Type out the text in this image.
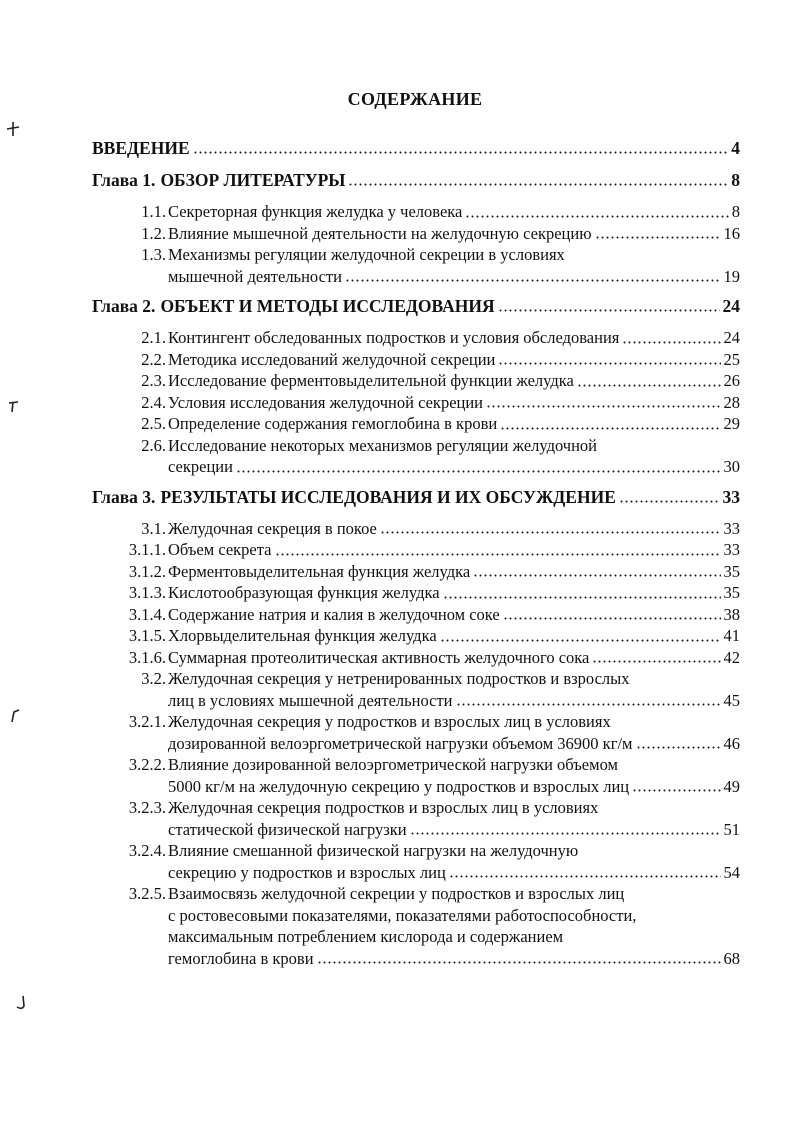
СОДЕРЖАНИЕ
ВВЕДЕНИЕ	4
Глава 1. ОБЗОР ЛИТЕРАТУРЫ	8
1.1. Секреторная функция желудка у человека	8
1.2. Влияние мышечной деятельности на желудочную секрецию	16
1.3. Механизмы регуляции желудочной секреции в условиях
мышечной деятельности	19
Глава 2. ОБЪЕКТ И МЕТОДЫ ИССЛЕДОВАНИЯ	24
2.1. Контингент обследованных подростков и условия обследования	24
2.2. Методика исследований желудочной секреции	25
2.3. Исследование ферментовыделительной функции желудка	26
2.4. Условия исследования желудочной секреции	28
2.5. Определение содержания гемоглобина в крови	29
2.6. Исследование некоторых механизмов регуляции желудочной
секреции	30
Глава 3. РЕЗУЛЬТАТЫ ИССЛЕДОВАНИЯ И ИХ ОБСУЖДЕНИЕ	33
3.1. Желудочная секреция в покое	33
3.1.1. Объем секрета	33
3.1.2. Ферментовыделительная функция желудка	35
3.1.3. Кислотообразующая функция желудка	35
3.1.4. Содержание натрия и калия в желудочном соке	38
3.1.5. Хлорвыделительная функция желудка	41
3.1.6. Суммарная протеолитическая активность желудочного сока	42
3.2. Желудочная секреция у нетренированных подростков и взрослых
лиц в условиях мышечной деятельности	45
3.2.1. Желудочная секреция у подростков и взрослых лиц в условиях
дозированной велоэргометрической нагрузки объемом 36900 кг/м	46
3.2.2. Влияние дозированной велоэргометрической нагрузки объемом
5000 кг/м на желудочную секрецию у подростков и взрослых лиц	49
3.2.3. Желудочная секреция подростков и взрослых лиц в условиях
статической физической нагрузки	51
3.2.4. Влияние смешанной физической нагрузки на желудочную
секрецию у подростков и взрослых лиц	54
3.2.5. Взаимосвязь желудочной секреции у подростков и взрослых лиц
с ростовесовыми показателями, показателями работоспособности,
максимальным потреблением кислорода и содержанием
гемоглобина в крови	68
